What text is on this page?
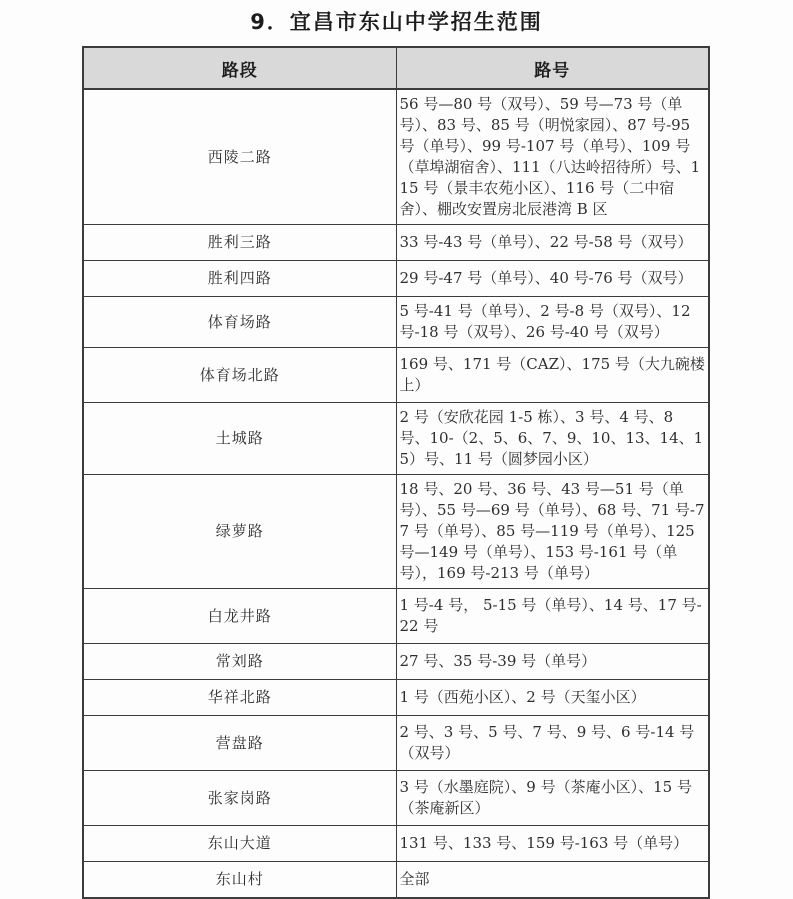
9．宜昌市东山中学招生范围
路段	路号
西陵二路	56 号—80 号（双号）、59 号—73 号（单号）、83 号、85 号（明悦家园）、87 号-95 号（单号）、99 号-107 号（单号）、109 号（草埠湖宿舍）、111（八达岭招待所）号、115 号（景丰农苑小区）、116 号（二中宿舍）、棚改安置房北辰港湾 B 区
胜利三路	33 号-43 号（单号）、22 号-58 号（双号）
胜利四路	29 号-47 号（单号）、40 号-76 号（双号）
体育场路	5 号-41 号（单号）、2 号-8 号（双号）、12 号-18 号（双号）、26 号-40 号（双号）
体育场北路	169 号、171 号（CAZ）、175 号（大九碗楼上）
土城路	2 号（安欣花园 1-5 栋）、3 号、4 号、8 号、10-（2、5、6、7、9、10、13、14、15）号、11 号（圆梦园小区）
绿萝路	18 号、20 号、36 号、43 号—51 号（单号）、55 号—69 号（单号）、68 号、71 号-77 号（单号）、85 号—119 号（单号）、125 号—149 号（单号）、153 号-161 号（单号），169 号-213 号（单号）
白龙井路	1 号-4 号， 5-15 号（单号）、14 号、17 号-22 号
常刘路	27 号、35 号-39 号（单号）
华祥北路	1 号（西苑小区）、2 号（天玺小区）
营盘路	2 号、3 号、5 号、7 号、9 号、6 号-14 号（双号）
张家岗路	3 号（水墨庭院）、9 号（茶庵小区）、15 号（茶庵新区）
东山大道	131 号、133 号、159 号-163 号（单号）
东山村	全部
